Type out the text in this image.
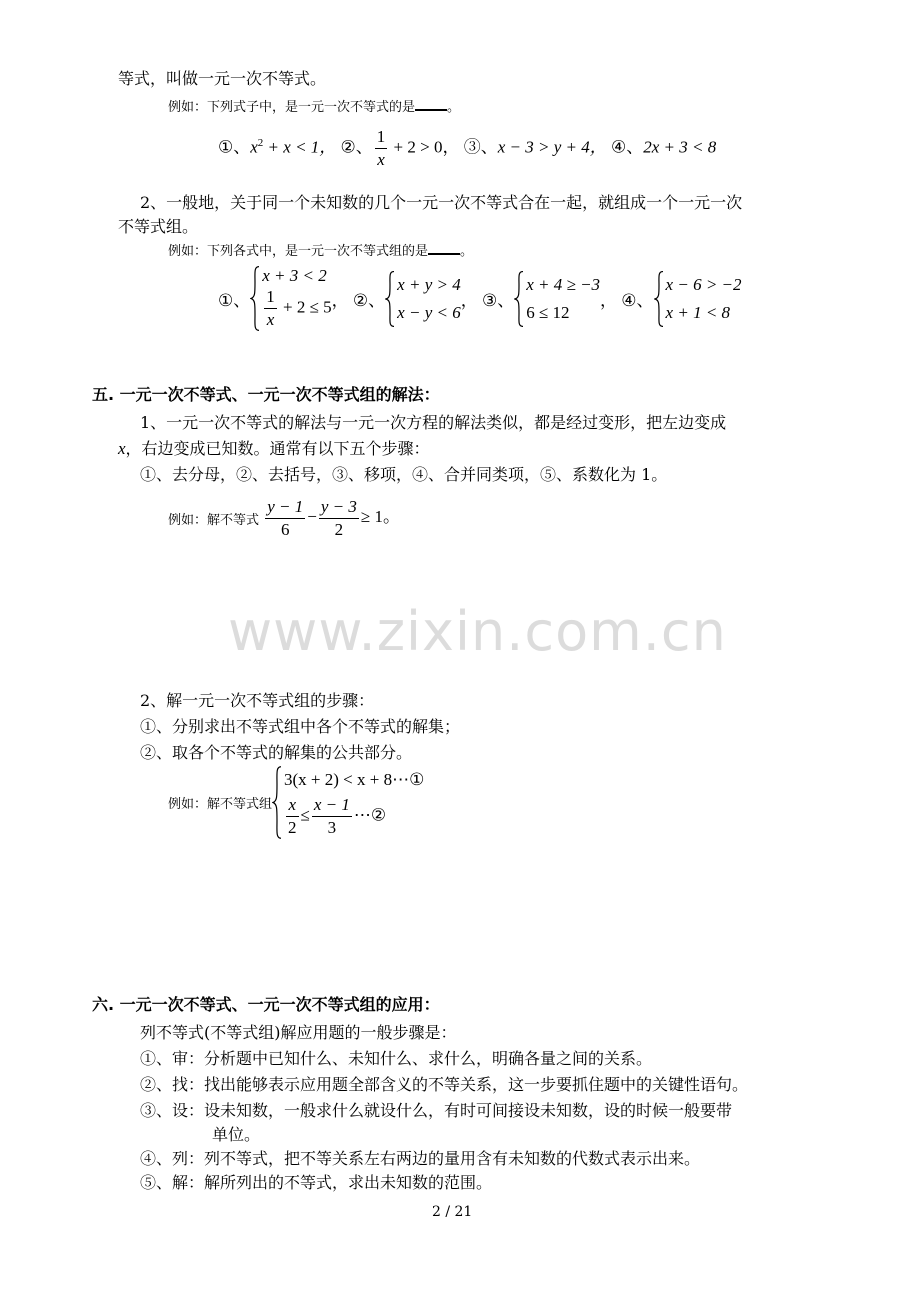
等式，叫做一元一次不等式。
例如：下列式子中，是一元一次不等式的是 。
①、$x^2 + x < 1$， ②、 $\frac{1}{x} + 2 > 0$， ③、x − 3 > y + 4， ④、2x + 3 < 8
2、一般地，关于同一个未知数的几个一元一次不等式合在一起，就组成一个一元一次
不等式组。
例如：下列各式中，是一元一次不等式组的是 。
①、
x + 3 < 2
$\frac{1}{x} + 2 \le 5$ ， ②、
x + y > 4
x − y < 6
， ③、
x + 4 ≥ −3
6 ≤ 12
， ④、
x − 6 > −2
x + 1 < 8
五. 一元一次不等式、一元一次不等式组的解法：
1、一元一次不等式的解法与一元一次方程的解法类似，都是经过变形，把左边变成
x，右边变成已知数。通常有以下五个步骤：
①、去分母，②、去括号，③、移项，④、合并同类项，⑤、系数化为 1。
例如：解不等式 $\frac{y - 1}{6} - \frac{y - 3}{2} \ge 1$。
www.zixin.com.cn
2、解一元一次不等式组的步骤：
①、分别求出不等式组中各个不等式的解集；
②、取各个不等式的解集的公共部分。
例如：解不等式组
3(x + 2) < x + 8⋯①
$\frac{x}{2} \le \frac{x - 1}{3}$ ⋯②
六. 一元一次不等式、一元一次不等式组的应用：
列不等式(不等式组)解应用题的一般步骤是：
①、审：分析题中已知什么、未知什么、求什么，明确各量之间的关系。
②、找：找出能够表示应用题全部含义的不等关系，这一步要抓住题中的关键性语句。
③、设：设未知数，一般求什么就设什么，有时可间接设未知数，设的时候一般要带
单位。
④、列：列不等式，把不等关系左右两边的量用含有未知数的代数式表示出来。
⑤、解：解所列出的不等式，求出未知数的范围。
2 / 21
